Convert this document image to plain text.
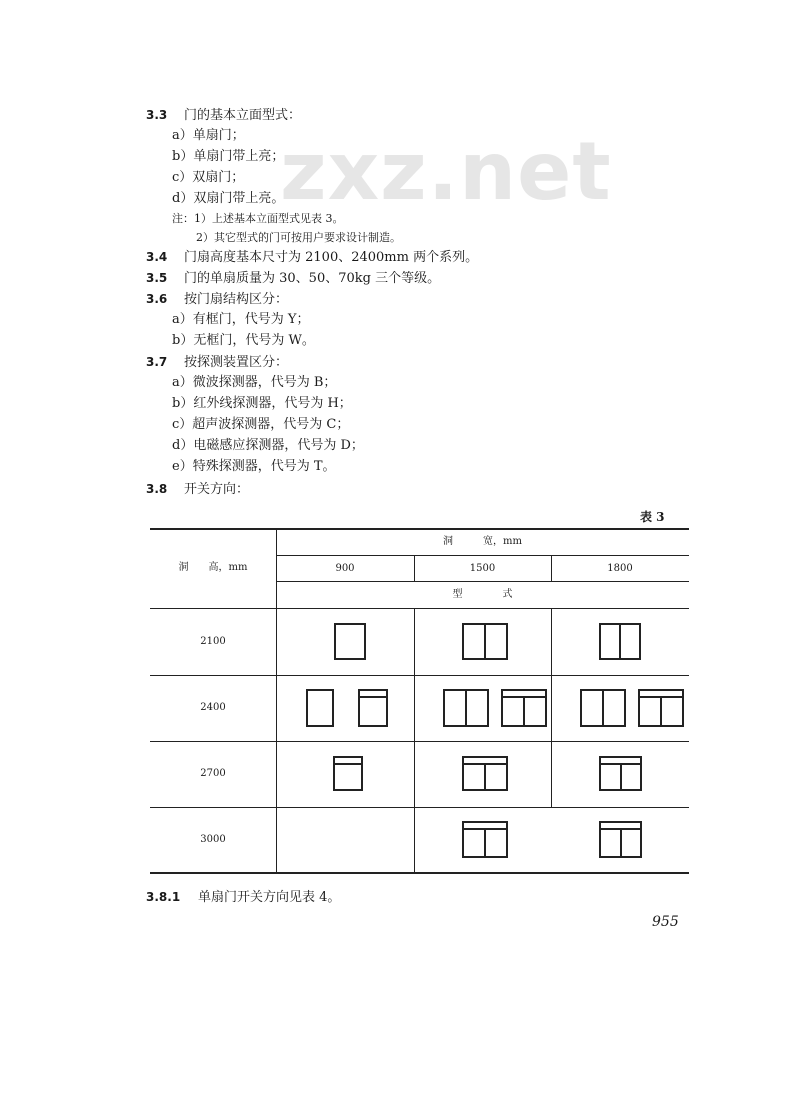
zxz.net
3.3 门的基本立面型式：
a）单扇门；
b）单扇门带上亮；
c）双扇门；
d）双扇门带上亮。
注：1）上述基本立面型式见表 3。
2）其它型式的门可按用户要求设计制造。
3.4 门扇高度基本尺寸为 2100、2400mm 两个系列。
3.5 门的单扇质量为 30、50、70kg 三个等级。
3.6 按门扇结构区分：
a）有框门，代号为 Y；
b）无框门，代号为 W。
3.7 按探测装置区分：
a）微波探测器，代号为 B；
b）红外线探测器，代号为 H；
c）超声波探测器，代号为 C；
d）电磁感应探测器，代号为 D；
e）特殊探测器，代号为 T。
3.8 开关方向：
表 3
洞　　高，mm
洞　　　宽，mm
900	1500	1800
型　　　　式
2100
2400
2700
3000
3.8.1 单扇门开关方向见表 4。
955
